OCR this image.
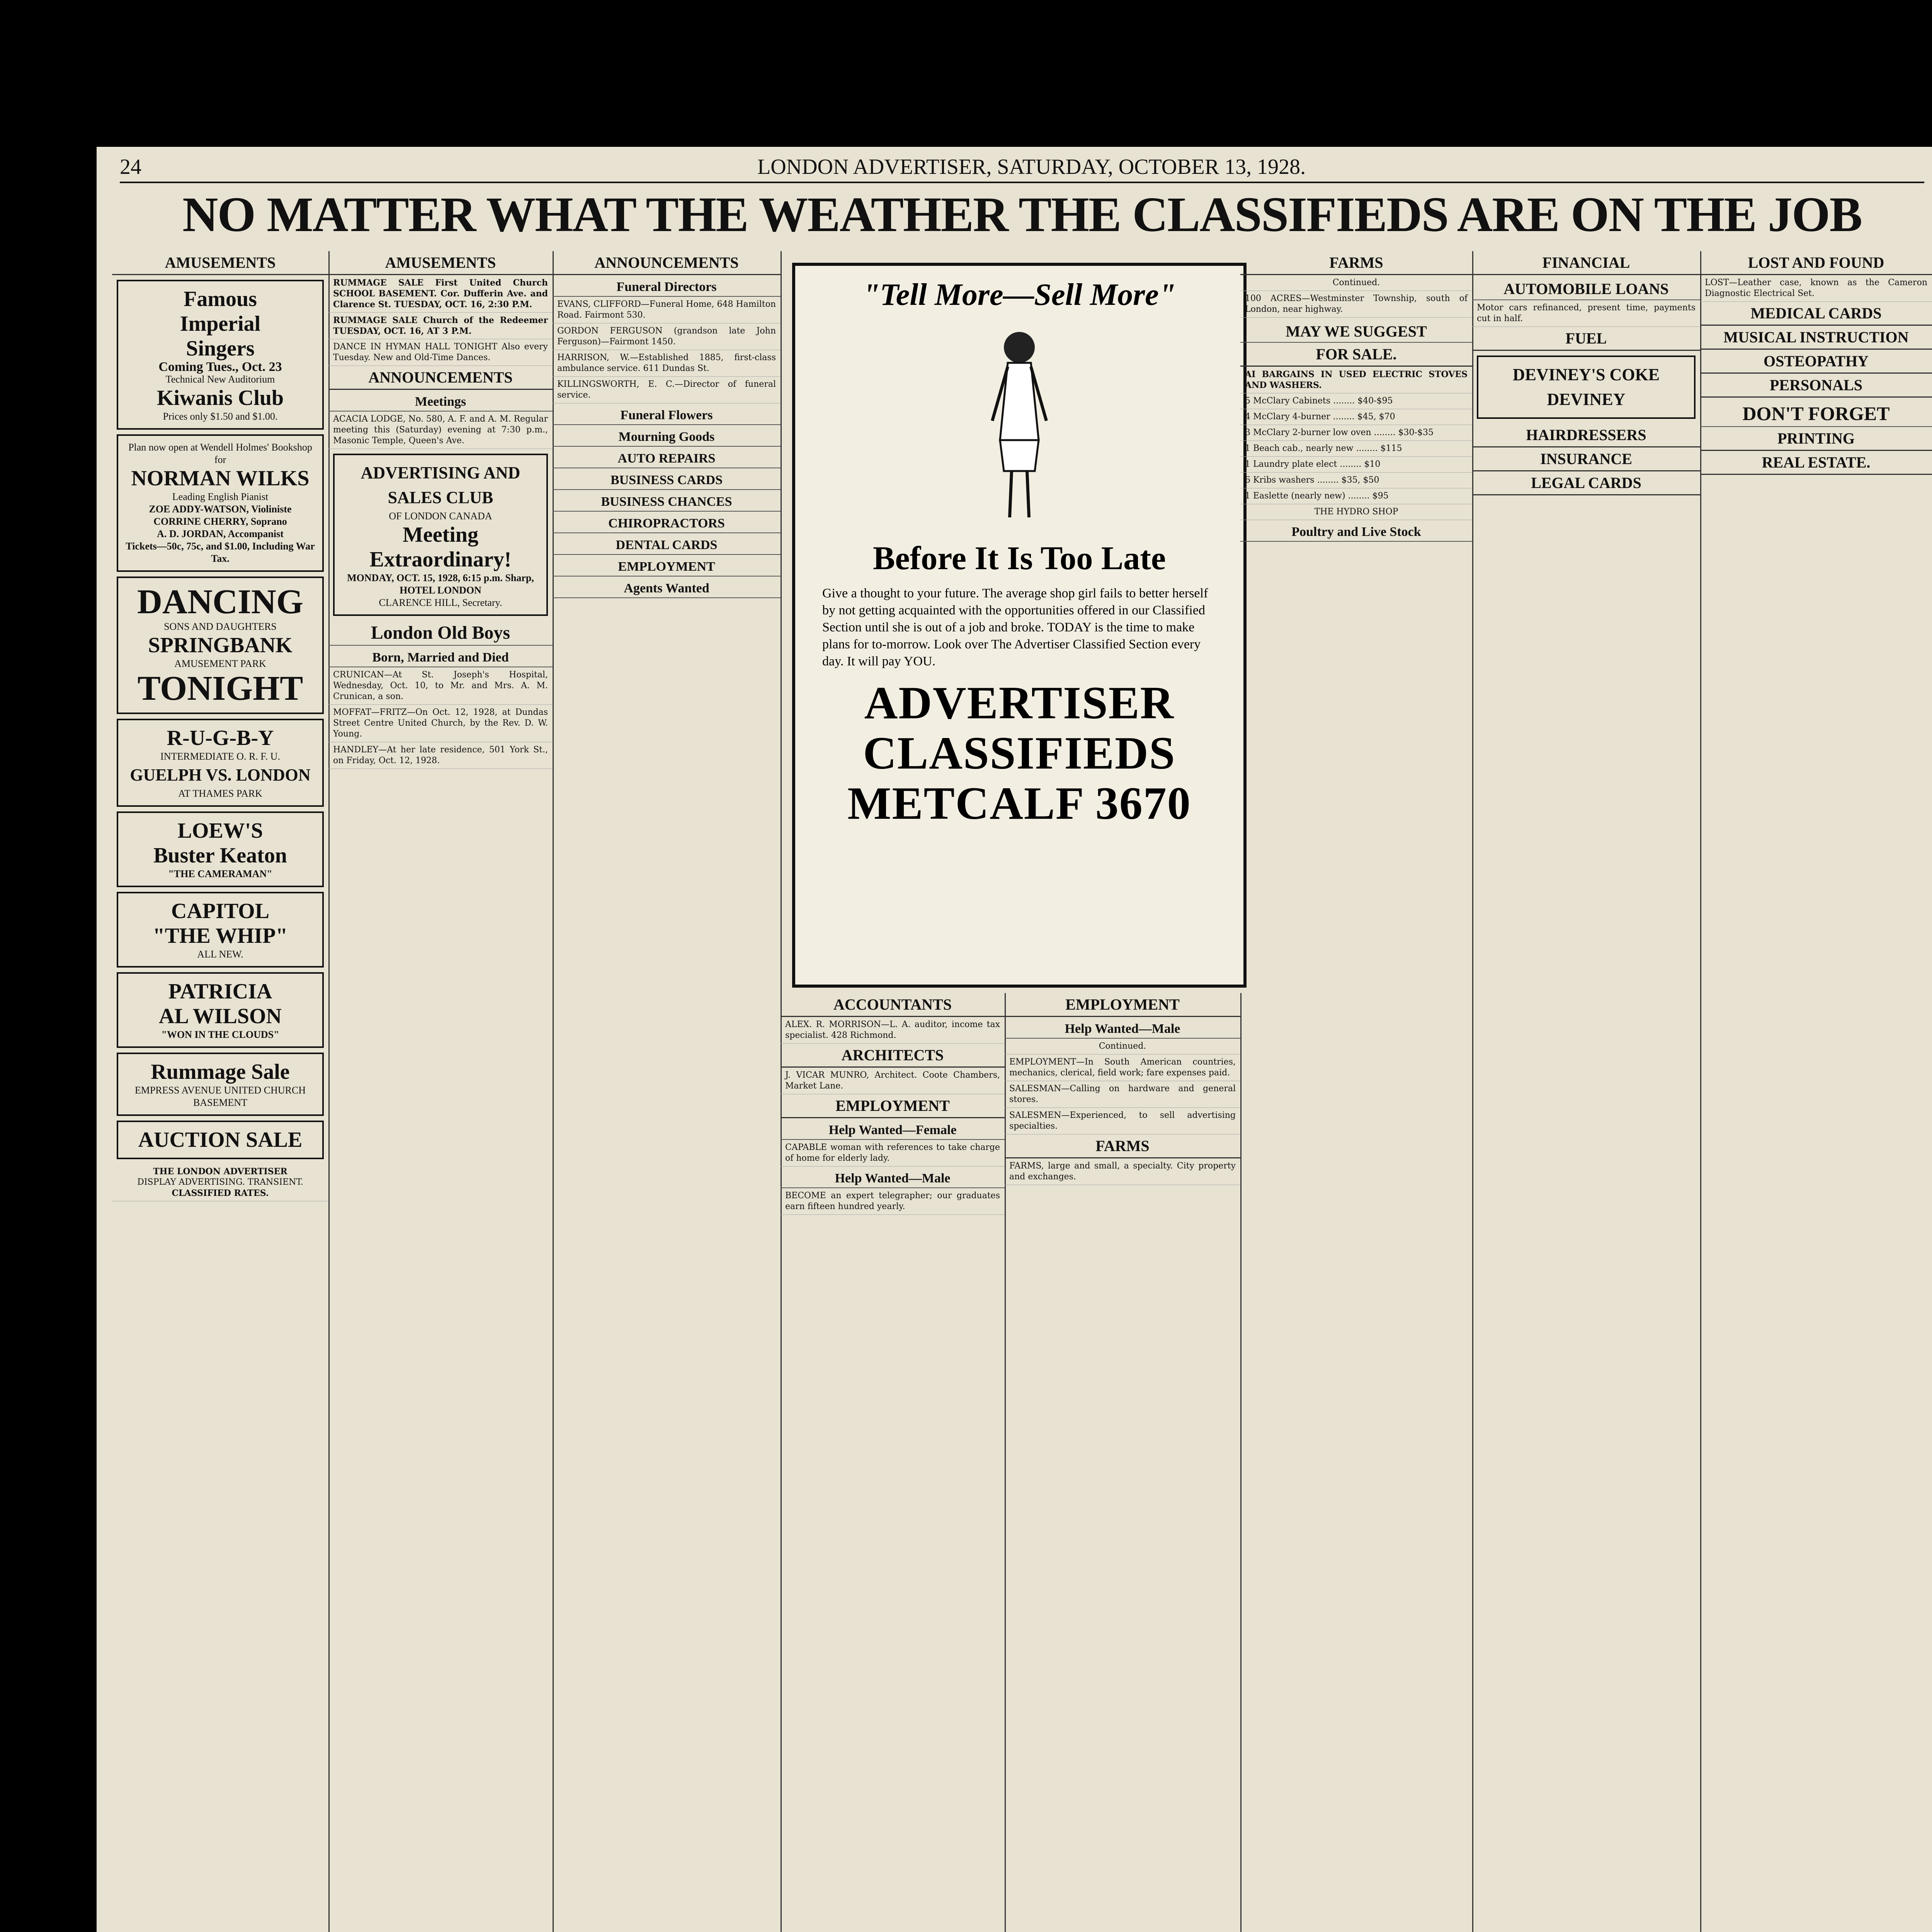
24	LONDON ADVERTISER, SATURDAY, OCTOBER 13, 1928.
NO MATTER WHAT THE WEATHER THE CLASSIFIEDS ARE ON THE JOB
AMUSEMENTS
Famous
Imperial
Singers
Coming Tues., Oct. 23
Technical New Auditorium
Kiwanis Club
Prices only $1.50 and $1.00.
Plan now open at Wendell Holmes' Bookshop for
NORMAN WILKS
Leading English Pianist
ZOE ADDY-WATSON, Violiniste
CORRINE CHERRY, Soprano
A. D. JORDAN, Accompanist
Tickets—50c, 75c, and $1.00, Including War Tax.
DANCING
SONS AND DAUGHTERS
SPRINGBANK
AMUSEMENT PARK
TONIGHT
R-U-G-B-Y
INTERMEDIATE O. R. F. U.
GUELPH VS. LONDON
AT THAMES PARK
LOEW'S
Buster Keaton
"THE CAMERAMAN"
CAPITOL
"THE WHIP"
ALL NEW.
PATRICIA
AL WILSON
"WON IN THE CLOUDS"
Rummage Sale
EMPRESS AVENUE UNITED CHURCH BASEMENT
AUCTION SALE
THE LONDON ADVERTISER
DISPLAY ADVERTISING. TRANSIENT.
CLASSIFIED RATES.
AMUSEMENTS
RUMMAGE SALE First United Church SCHOOL BASEMENT. Cor. Dufferin Ave. and Clarence St. TUESDAY, OCT. 16, 2:30 P.M.
RUMMAGE SALE Church of the Redeemer TUESDAY, OCT. 16, AT 3 P.M.
DANCE IN HYMAN HALL TONIGHT Also every Tuesday. New and Old-Time Dances.
ANNOUNCEMENTS
Meetings
ACACIA LODGE, No. 580, A. F. and A. M. Regular meeting this (Saturday) evening at 7:30 p.m., Masonic Temple, Queen's Ave.
ADVERTISING AND SALES CLUB
OF LONDON CANADA
Meeting Extraordinary!
MONDAY, OCT. 15, 1928, 6:15 p.m. Sharp,
HOTEL LONDON
CLARENCE HILL, Secretary.
London Old Boys
Born, Married and Died
CRUNICAN—At St. Joseph's Hospital, Wednesday, Oct. 10, to Mr. and Mrs. A. M. Crunican, a son.
MOFFAT—FRITZ—On Oct. 12, 1928, at Dundas Street Centre United Church, by the Rev. D. W. Young.
HANDLEY—At her late residence, 501 York St., on Friday, Oct. 12, 1928.
ANNOUNCEMENTS
Funeral Directors
EVANS, CLIFFORD—Funeral Home, 648 Hamilton Road. Fairmont 530.
GORDON FERGUSON (grandson late John Ferguson)—Fairmont 1450.
HARRISON, W.—Established 1885, first-class ambulance service. 611 Dundas St.
KILLINGSWORTH, E. C.—Director of funeral service.
Funeral Flowers
Mourning Goods
AUTO REPAIRS
BUSINESS CARDS
BUSINESS CHANCES
CHIROPRACTORS
DENTAL CARDS
EMPLOYMENT
Agents Wanted
"Tell More—Sell More"
Before It Is Too Late
Give a thought to your future. The average shop girl fails to better herself by not getting acquainted with the opportunities offered in our Classified Section until she is out of a job and broke. TODAY is the time to make plans for to-morrow. Look over The Advertiser Classified Section every day. It will pay YOU.
ADVERTISER
CLASSIFIEDS
METCALF 3670
ACCOUNTANTS
ALEX. R. MORRISON—L. A. auditor, income tax specialist. 428 Richmond.
ARCHITECTS
J. VICAR MUNRO, Architect. Coote Chambers, Market Lane.
EMPLOYMENT
Help Wanted—Female
CAPABLE woman with references to take charge of home for elderly lady.
Help Wanted—Male
BECOME an expert telegrapher; our graduates earn fifteen hundred yearly.
EMPLOYMENT
Help Wanted—Male
Continued.
EMPLOYMENT—In South American countries, mechanics, clerical, field work; fare expenses paid.
SALESMAN—Calling on hardware and general stores.
SALESMEN—Experienced, to sell advertising specialties.
FARMS
FARMS, large and small, a specialty. City property and exchanges.
FARMS
Continued.
100 ACRES—Westminster Township, south of London, near highway.
MAY WE SUGGEST
FOR SALE.
AI BARGAINS IN USED ELECTRIC STOVES AND WASHERS.
5 McClary Cabinets ........ $40-$95
4 McClary 4-burner ........ $45, $70
3 McClary 2-burner low oven ........ $30-$35
1 Beach cab., nearly new ........ $115
1 Laundry plate elect ........ $10
6 Kribs washers ........ $35, $50
1 Easlette (nearly new) ........ $95
THE HYDRO SHOP
Poultry and Live Stock
FINANCIAL
AUTOMOBILE LOANS
Motor cars refinanced, present time, payments cut in half.
FUEL
DEVINEY'S COKE
DEVINEY
HAIRDRESSERS
INSURANCE
LEGAL CARDS
LOST AND FOUND
LOST—Leather case, known as the Cameron Diagnostic Electrical Set.
MEDICAL CARDS
MUSICAL INSTRUCTION
OSTEOPATHY
PERSONALS
DON'T FORGET
PRINTING
REAL ESTATE.
